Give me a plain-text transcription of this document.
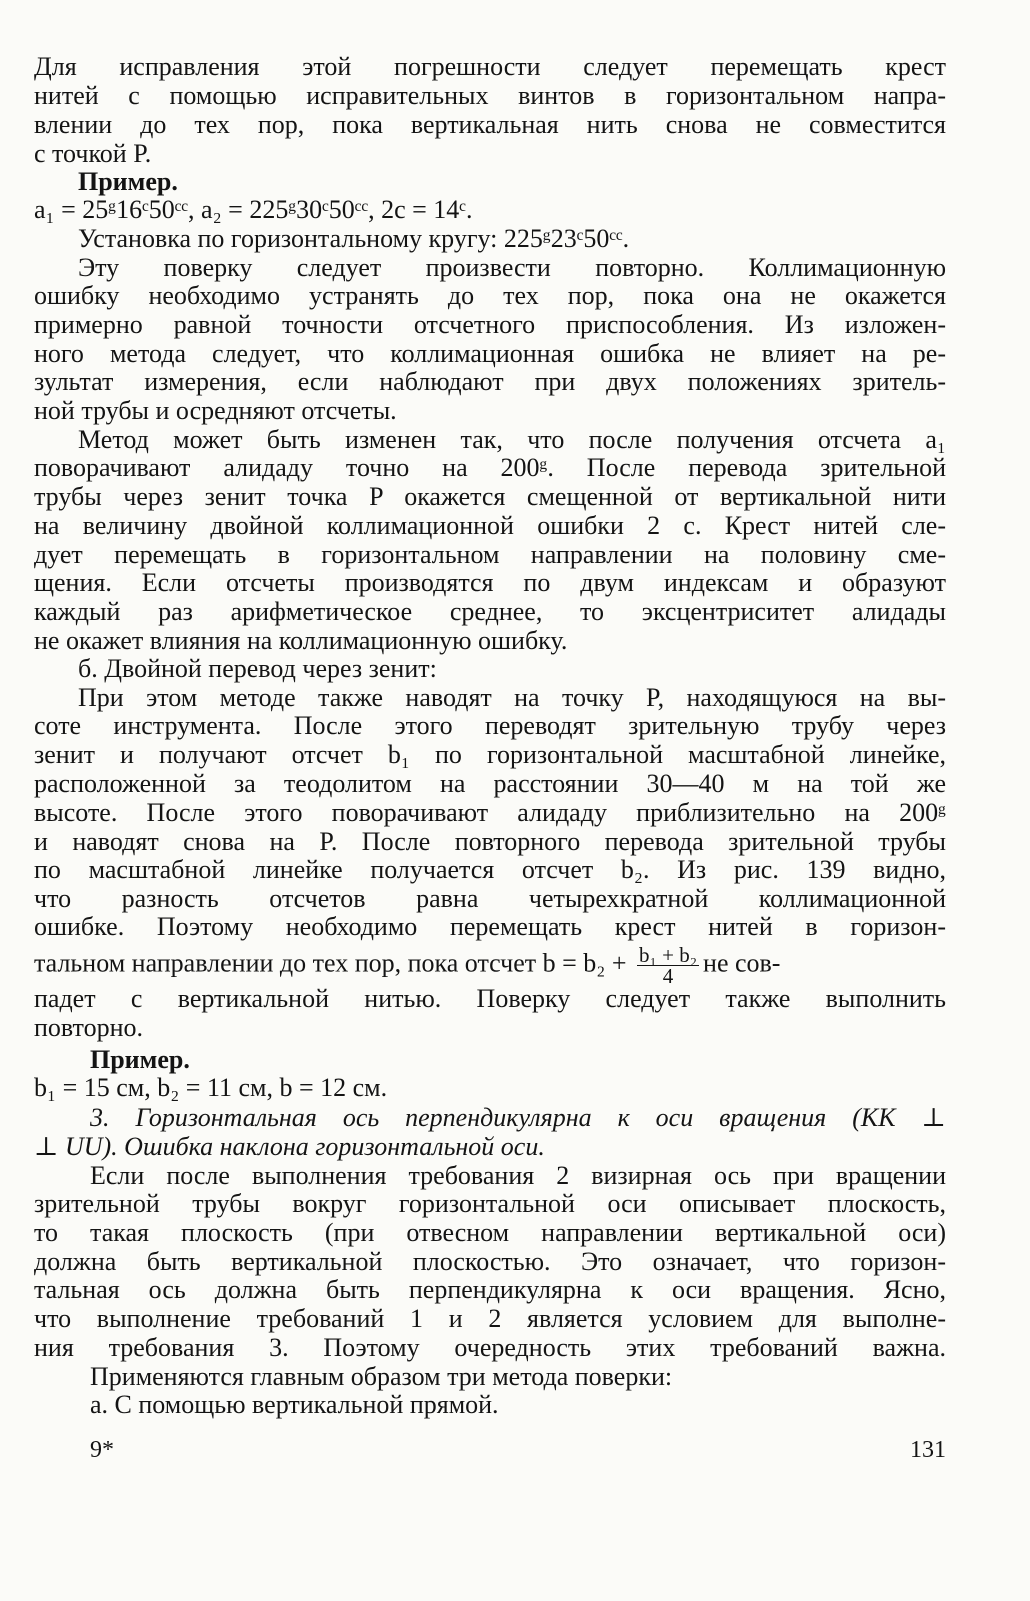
Для исправления этой погрешности следует перемещать крест
нитей с помощью исправительных винтов в горизонтальном напра-
влении до тех пор, пока вертикальная нить снова не совместится
с точкой P.
Пример.
a₁ = 25ᵍ16ᶜ50ᶜᶜ, a₂ = 225ᵍ30ᶜ50ᶜᶜ, 2c = 14ᶜ.
Установка по горизонтальному кругу: 225ᵍ23ᶜ50ᶜᶜ.
Эту поверку следует произвести повторно. Коллимационную
ошибку необходимо устранять до тех пор, пока она не окажется
примерно равной точности отсчетного приспособления. Из изложен-
ного метода следует, что коллимационная ошибка не влияет на ре-
зультат измерения, если наблюдают при двух положениях зритель-
ной трубы и осредняют отсчеты.
Метод может быть изменен так, что после получения отсчета a₁
поворачивают алидаду точно на 200ᵍ. После перевода зрительной
трубы через зенит точка P окажется смещенной от вертикальной нити
на величину двойной коллимационной ошибки 2 c. Крест нитей сле-
дует перемещать в горизонтальном направлении на половину сме-
щения. Если отсчеты производятся по двум индексам и образуют
каждый раз арифметическое среднее, то эксцентриситет алидады
не окажет влияния на коллимационную ошибку.
б. Двойной перевод через зенит:
При этом методе также наводят на точку P, находящуюся на вы-
соте инструмента. После этого переводят зрительную трубу через
зенит и получают отсчет b₁ по горизонтальной масштабной линейке,
расположенной за теодолитом на расстоянии 30—40 м на той же
высоте. После этого поворачивают алидаду приблизительно на 200ᵍ
и наводят снова на P. После повторного перевода зрительной трубы
по масштабной линейке получается отсчет b₂. Из рис. 139 видно,
что разность отсчетов равна четырехкратной коллимационной
ошибке. Поэтому необходимо перемещать крест нитей в горизон-
тальном направлении до тех пор, пока отсчет $b = b_2 + \frac{\text{b₁ + b₂}}{4}$ не сов-
падет с вертикальной нитью. Поверку следует также выполнить
повторно.
Пример.
b₁ = 15 см, b₂ = 11 см, b = 12 см.
3. Горизонтальная ось перпендикулярна к оси вращения (KK ⊥
⊥ UU). Ошибка наклона горизонтальной оси.
Если после выполнения требования 2 визирная ось при вращении
зрительной трубы вокруг горизонтальной оси описывает плоскость,
то такая плоскость (при отвесном направлении вертикальной оси)
должна быть вертикальной плоскостью. Это означает, что горизон-
тальная ось должна быть перпендикулярна к оси вращения. Ясно,
что выполнение требований 1 и 2 является условием для выполне-
ния требования 3. Поэтому очередность этих требований важна.
Применяются главным образом три метода поверки:
а. С помощью вертикальной прямой.
9*	131
